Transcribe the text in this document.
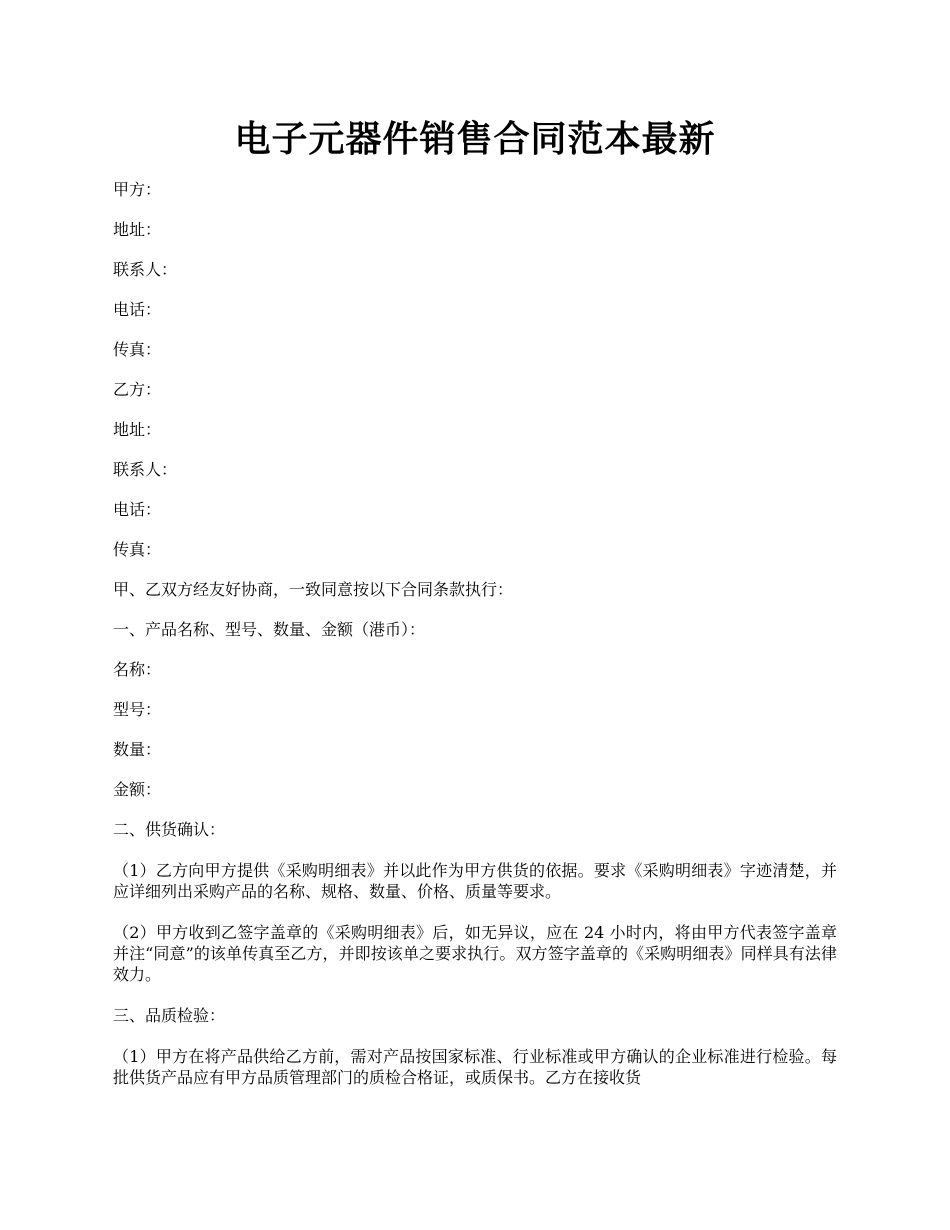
电子元器件销售合同范本最新
甲方：
地址：
联系人：
电话：
传真：
乙方：
地址：
联系人：
电话：
传真：
甲、乙双方经友好协商，一致同意按以下合同条款执行：
一、产品名称、型号、数量、金额（港币）：
名称：
型号：
数量：
金额：
二、供货确认：
（1）乙方向甲方提供《采购明细表》并以此作为甲方供货的依据。要求《采购明细表》字迹清楚，并应详细列出采购产品的名称、规格、数量、价格、质量等要求。
（2）甲方收到乙签字盖章的《采购明细表》后，如无异议，应在 24 小时内，将由甲方代表签字盖章并注“同意”的该单传真至乙方，并即按该单之要求执行。双方签字盖章的《采购明细表》同样具有法律效力。
三、品质检验：
（1）甲方在将产品供给乙方前，需对产品按国家标准、行业标准或甲方确认的企业标准进行检验。每批供货产品应有甲方品质管理部门的质检合格证，或质保书。乙方在接收货
